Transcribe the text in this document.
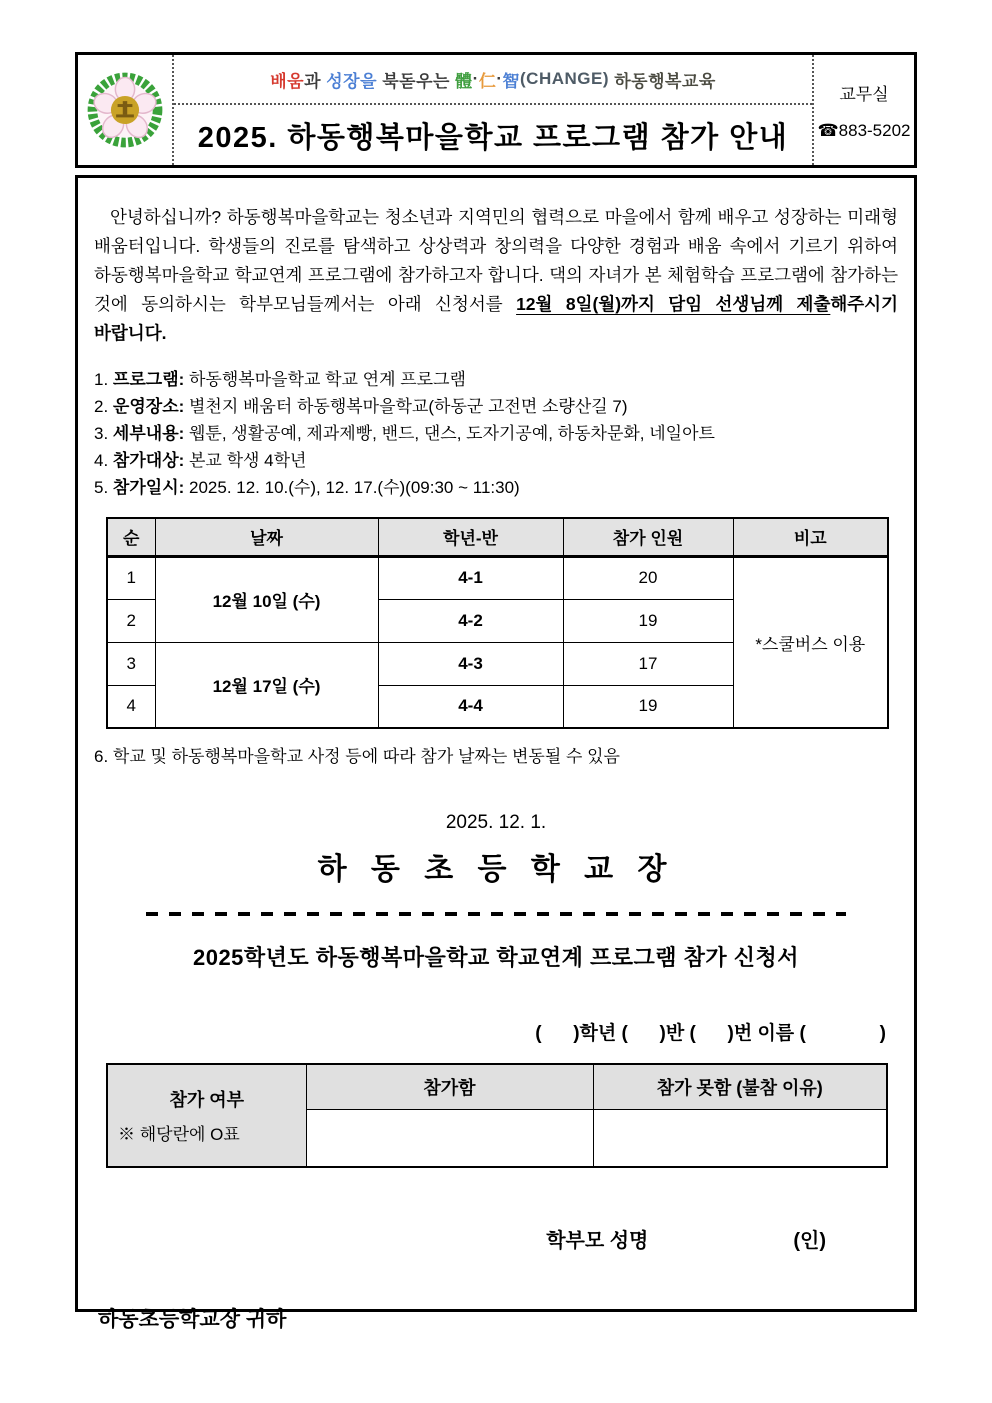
배움 과 성장을 북돋우는 體 · 仁 · 智 (CHANGE) 하동행복교육
2025. 하동행복마을학교 프로그램 참가 안내
교무실
☎883-5202

안녕하십니까? 하동행복마을학교는 청소년과 지역민의 협력으로 마을에서 함께 배우고 성장하는 미래형 배움터입니다. 학생들의 진로를 탐색하고 상상력과 창의력을 다양한 경험과 배움 속에서 기르기 위하여 하동행복마을학교 학교연계 프로그램에 참가하고자 합니다. 댁의 자녀가 본 체험학습 프로그램에 참가하는 것에 동의하시는 학부모님들께서는 아래 신청서를 12월 8일(월)까지 담임 선생님께 제출해주시기 바랍니다.

1. 프로그램: 하동행복마을학교 학교 연계 프로그램
2. 운영장소: 별천지 배움터 하동행복마을학교(하동군 고전면 소량산길 7)
3. 세부내용: 웹툰, 생활공예, 제과제빵, 밴드, 댄스, 도자기공예, 하동차문화, 네일아트
4. 참가대상: 본교 학생 4학년
5. 참가일시: 2025. 12. 10.(수), 12. 17.(수)(09:30 ~ 11:30)
순	날짜	학년-반	참가 인원	비고
1	12월 10일 (수)	4-1	20	*스쿨버스 이용
2		4-2	19	
3	12월 17일 (수)	4-3	17	
4		4-4	19	
6. 학교 및 하동행복마을학교 사정 등에 따라 참가 날짜는 변동될 수 있음
2025. 12. 1.
하 동 초 등 학 교 장
2025학년도 하동행복마을학교 학교연계 프로그램 참가 신청서
(      )학년 (      )반 (      )번 이름 (              )
참가 여부
※ 해당란에 O표	참가함	참가 못함 (불참 이유)

학부모 성명	(인)
하동초등학교장 귀하
